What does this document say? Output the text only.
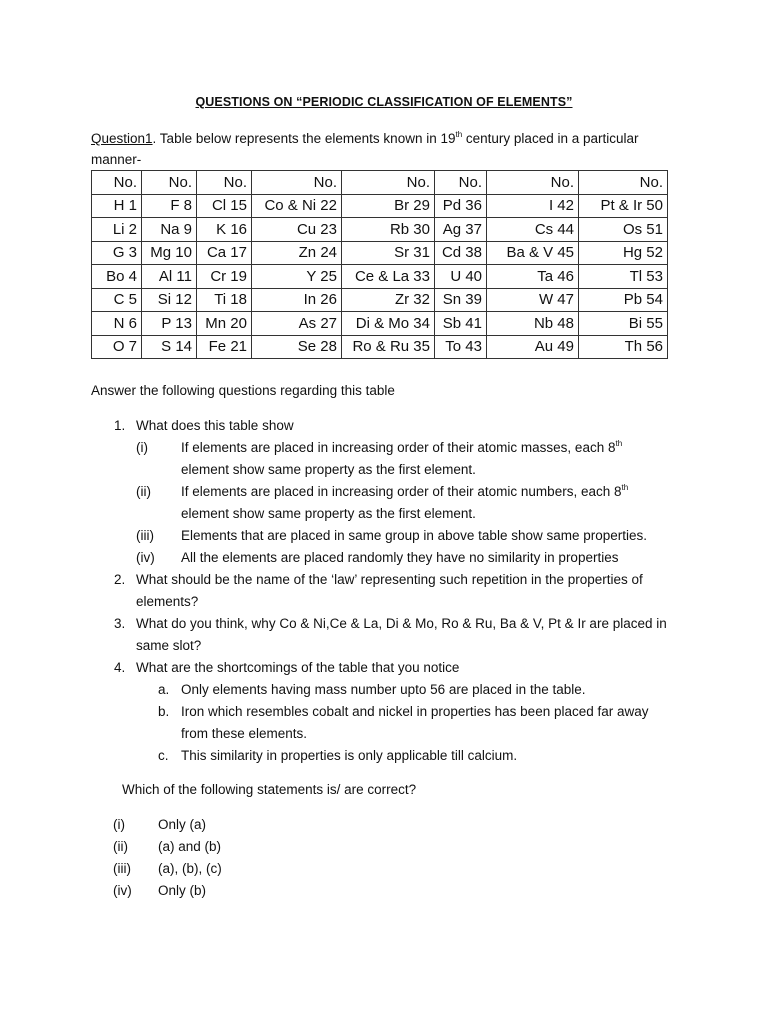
QUESTIONS ON “PERIODIC CLASSIFICATION OF ELEMENTS”
Question1. Table below represents the elements known in 19th century placed in a particular
manner-
No.	No.	No.	No.	No.	No.	No.	No.
H 1	F 8	Cl 15	Co & Ni 22	Br 29	Pd 36	I 42	Pt & Ir 50
Li 2	Na 9	K 16	Cu 23	Rb 30	Ag 37	Cs 44	Os 51
G 3	Mg 10	Ca 17	Zn 24	Sr 31	Cd 38	Ba & V 45	Hg 52
Bo 4	Al 11	Cr 19	Y 25	Ce & La 33	U 40	Ta 46	Tl 53
C 5	Si 12	Ti 18	In 26	Zr 32	Sn 39	W 47	Pb 54
N 6	P 13	Mn 20	As 27	Di & Mo 34	Sb 41	Nb 48	Bi 55
O 7	S 14	Fe 21	Se 28	Ro & Ru 35	To 43	Au 49	Th 56
Answer the following questions regarding this table
1. What does this table show
(i) If elements are placed in increasing order of their atomic masses, each 8th
element show same property as the first element.
(ii) If elements are placed in increasing order of their atomic numbers, each 8th
element show same property as the first element.
(iii) Elements that are placed in same group in above table show same properties.
(iv) All the elements are placed randomly they have no similarity in properties
2. What should be the name of the ‘law’ representing such repetition in the properties of
elements?
3. What do you think, why Co & Ni,Ce & La, Di & Mo, Ro & Ru, Ba & V, Pt & Ir are placed in
same slot?
4. What are the shortcomings of the table that you notice
a. Only elements having mass number upto 56 are placed in the table.
b. Iron which resembles cobalt and nickel in properties has been placed far away
from these elements.
c. This similarity in properties is only applicable till calcium.
Which of the following statements is/ are correct?
(i) Only (a)
(ii) (a) and (b)
(iii) (a), (b), (c)
(iv) Only (b)
